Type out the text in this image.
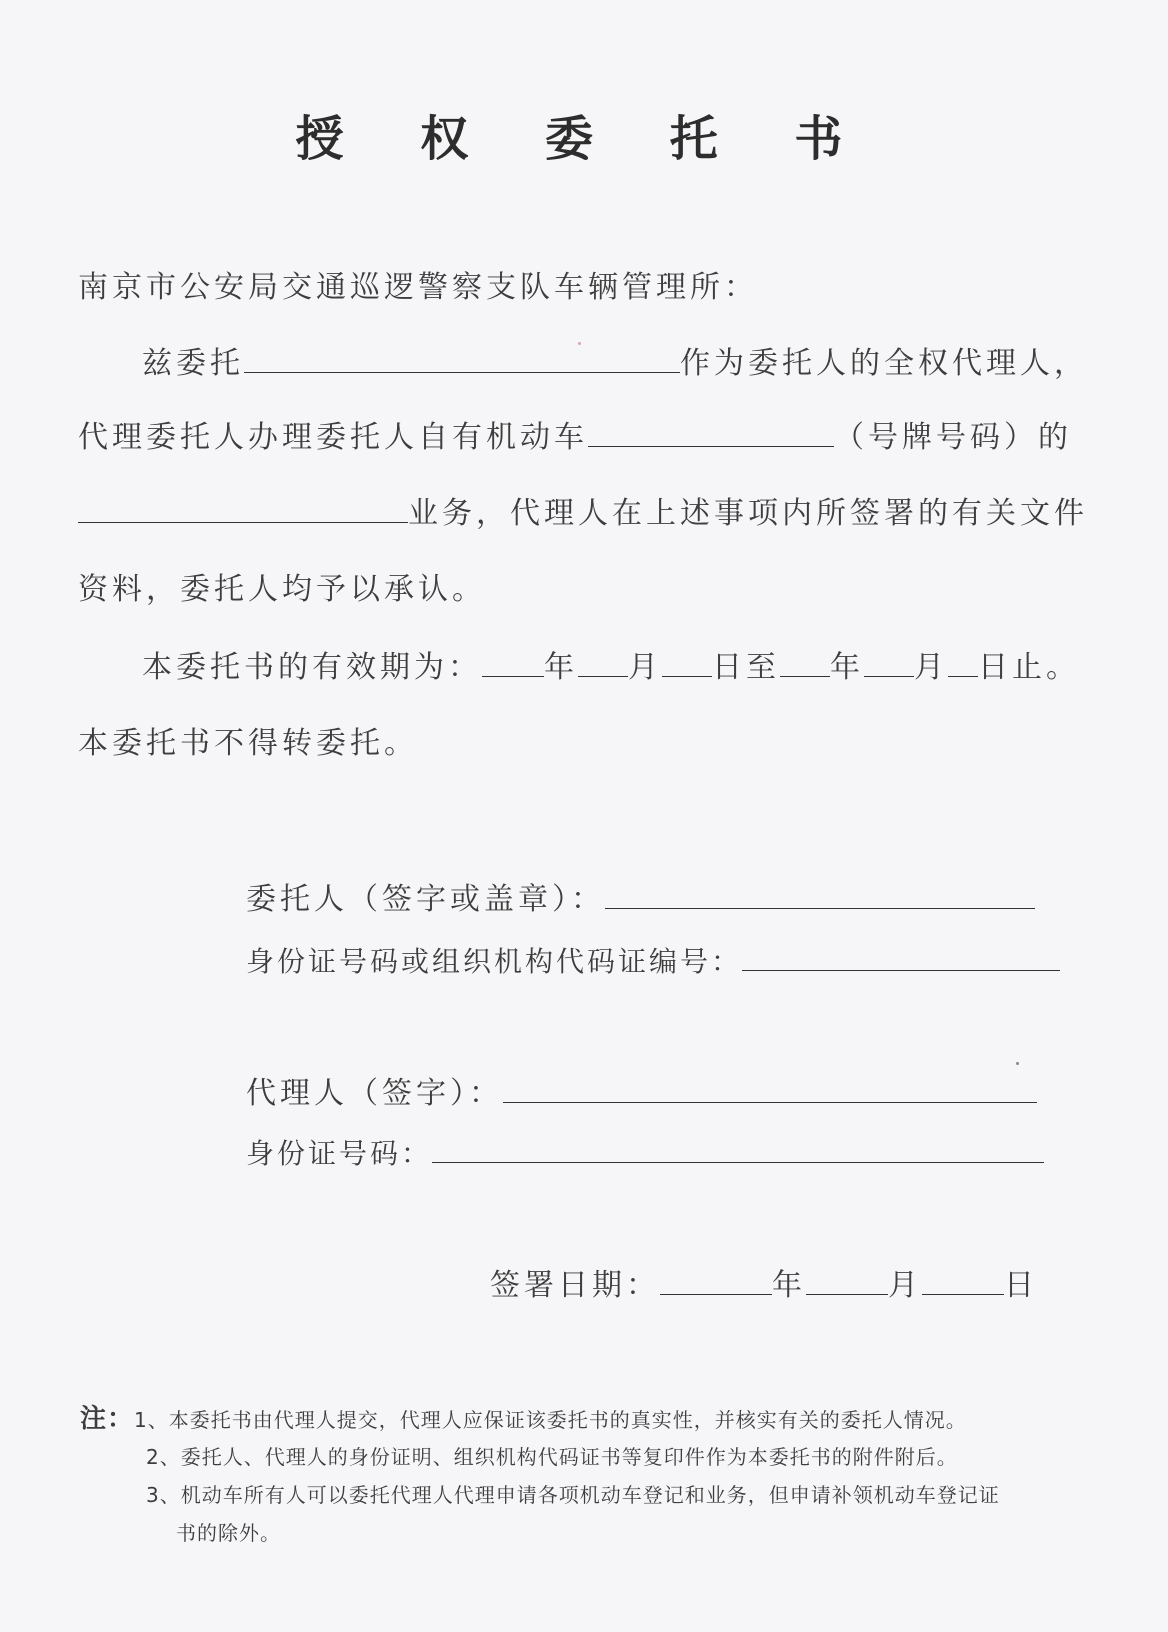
授 权 委 托 书
南京市公安局交通巡逻警察支队车辆管理所：
兹委托	作为委托人的全权代理人，
代理委托人办理委托人自有机动车	（号牌号码）的
业务，代理人在上述事项内所签署的有关文件
资料，委托人均予以承认。
本委托书的有效期为： 年 月 日至 年 月 日止。
本委托书不得转委托。
委托人（签字或盖章）：
身份证号码或组织机构代码证编号：
代理人（签字）：
身份证号码：
签署日期：	年	月	日
注：1、本委托书由代理人提交，代理人应保证该委托书的真实性，并核实有关的委托人情况。
2、委托人、代理人的身份证明、组织机构代码证书等复印件作为本委托书的附件附后。
3、机动车所有人可以委托代理人代理申请各项机动车登记和业务，但申请补领机动车登记证
书的除外。
